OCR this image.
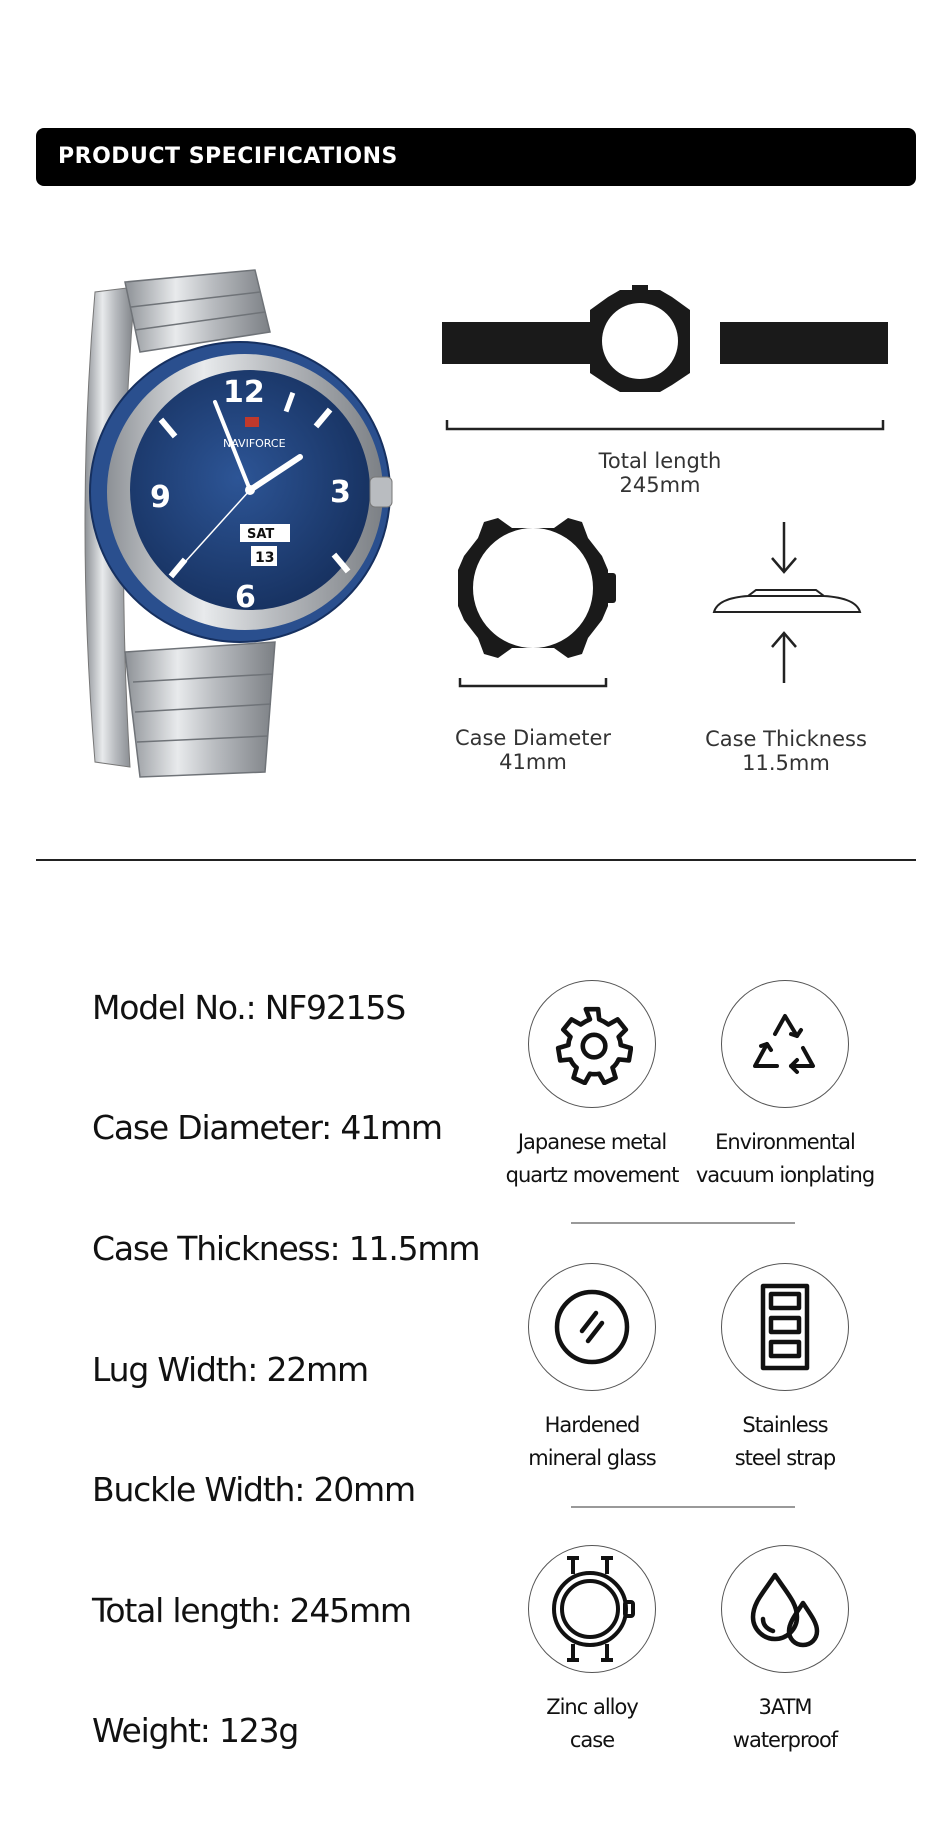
PRODUCT SPECIFICATIONS
12
3
9
6
NAVIFORCE
SAT
13
Total length
245mm
Case Diameter
41mm
Case Thickness
11.5mm
Model No.: NF9215S
Case Diameter: 41mm
Case Thickness: 11.5mm
Lug Width: 22mm
Buckle Width: 20mm
Total length: 245mm
Weight: 123g
Japanese metal
quartz movement
Environmental
vacuum ionplating
Hardened
mineral glass
Stainless
steel strap
Zinc alloy
case
3ATM
waterproof
